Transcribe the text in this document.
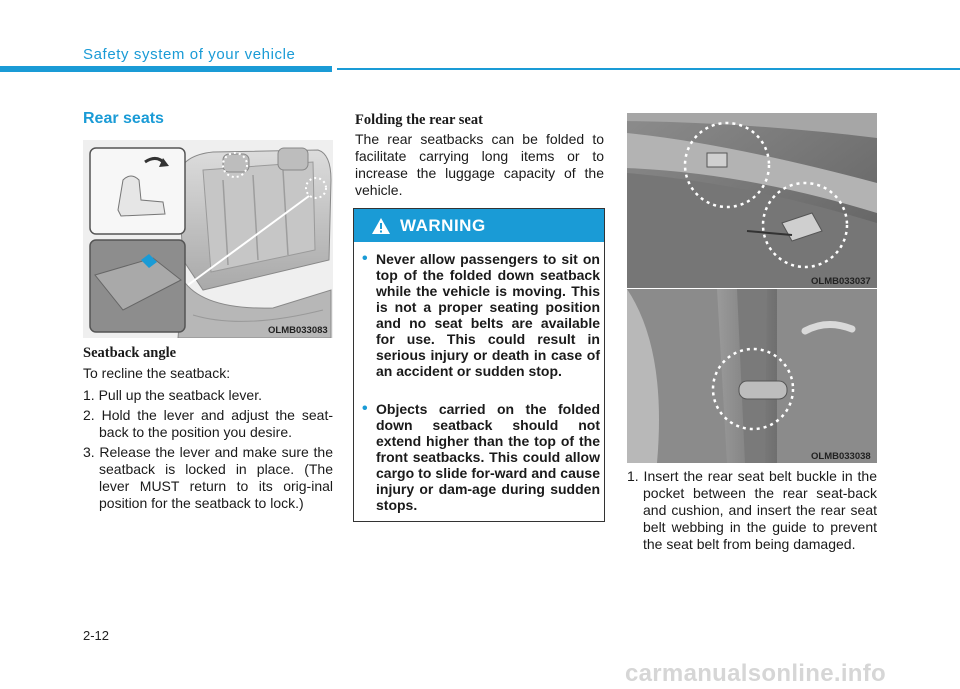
Safety system of your vehicle
Rear seats
OLMB033083
Seatback angle
To recline the seatback:
1. Pull up the seatback lever.
2. Hold the lever and adjust the seat-back to the position you desire.
3. Release the lever and make sure the seatback is locked in place. (The lever MUST return to its orig-inal position for the seatback to lock.)
Folding the rear seat
The rear seatbacks can be folded to facilitate carrying long items or to increase the luggage capacity of the vehicle.
WARNING
• Never allow passengers to sit on top of the folded down seatback while the vehicle is moving. This is not a proper seating position and no seat belts are available for use. This could result in serious injury or death in case of an accident or sudden stop.
• Objects carried on the folded down seatback should not extend higher than the top of the front seatbacks. This could allow cargo to slide for-ward and cause injury or dam-age during sudden stops.
OLMB033037
OLMB033038
1. Insert the rear seat belt buckle in the pocket between the rear seat-back and cushion, and insert the rear seat belt webbing in the guide to prevent the seat belt from being damaged.
2-12
carmanualsonline.info
